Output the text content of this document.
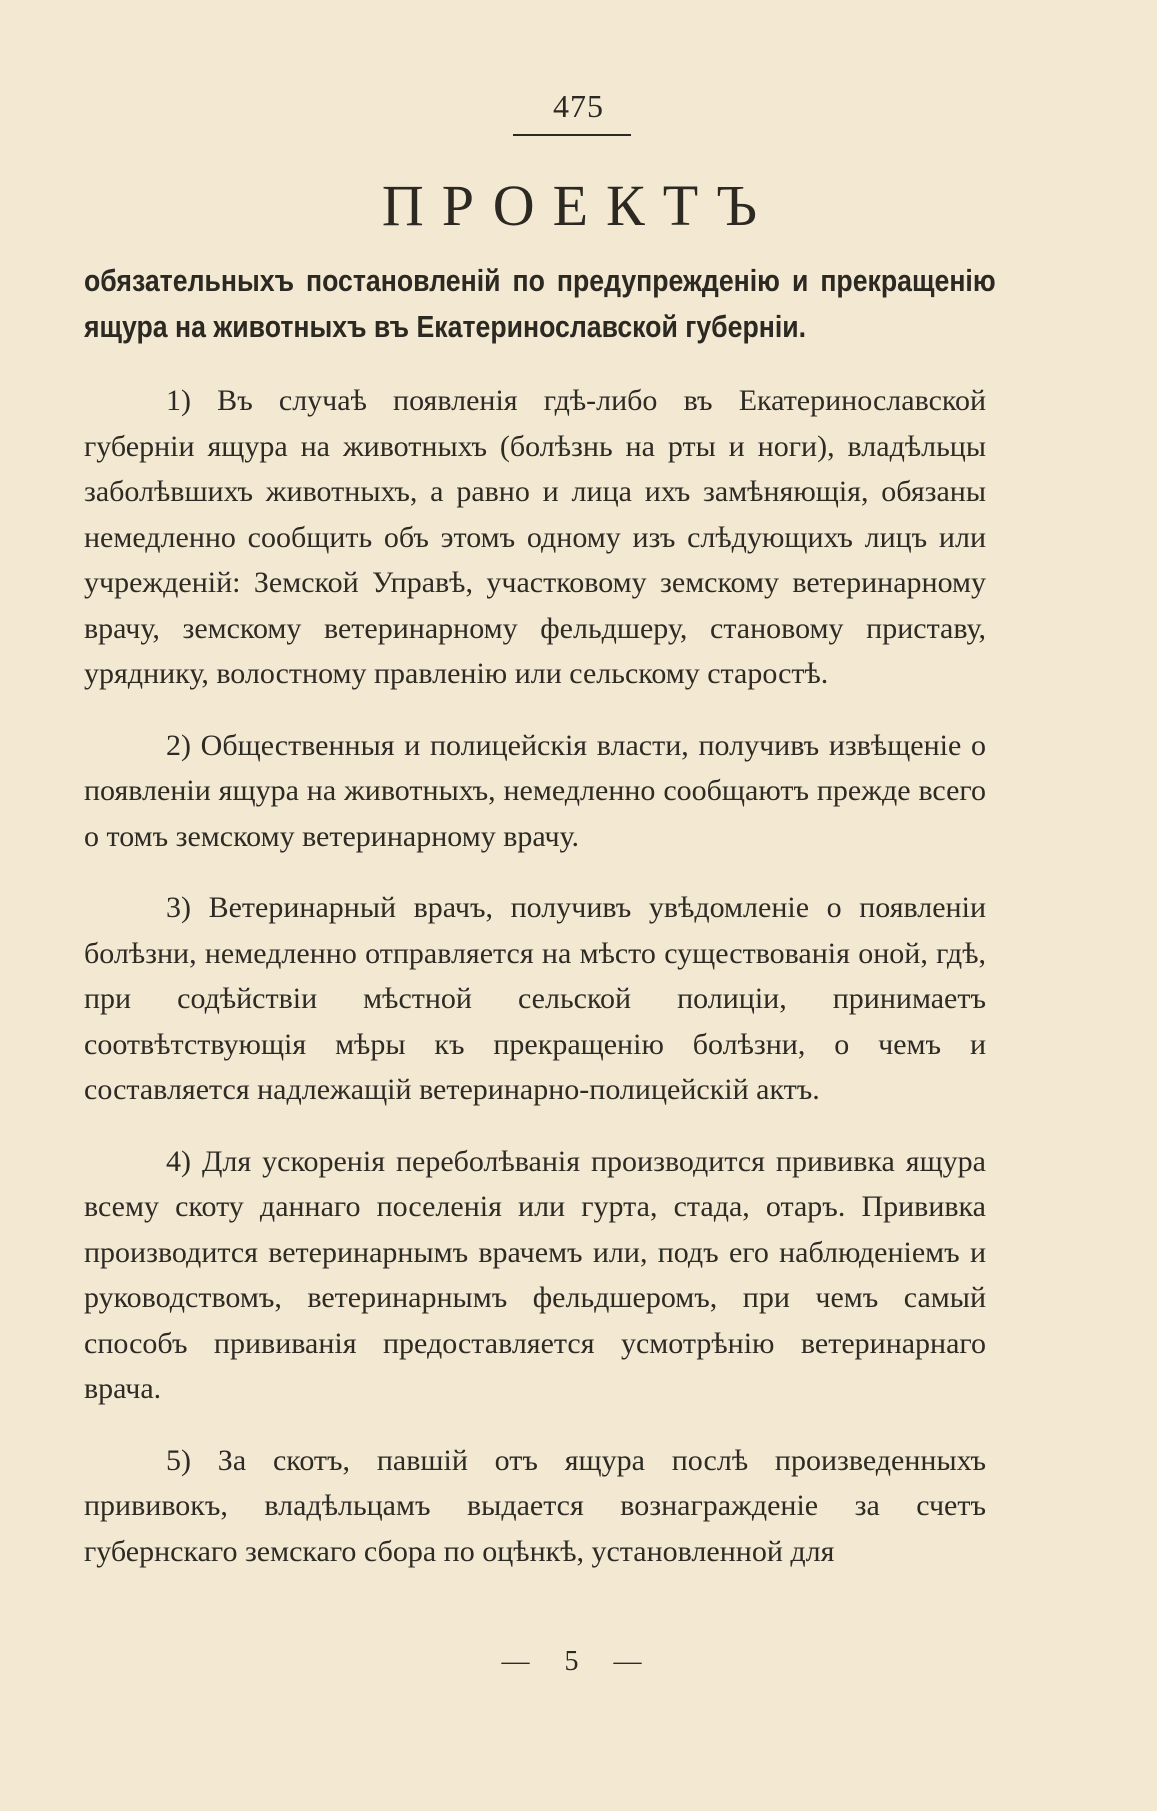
475
ПРОЕКТЪ
обязательныхъ постановленій по предупрежденію и прекращенію ящура на животныхъ въ Екатеринославской губерніи.

1) Въ случаѣ появленія гдѣ-либо въ Екатеринославской губерніи ящура на животныхъ (болѣзнь на рты и ноги), владѣльцы заболѣвшихъ животныхъ, а равно и лица ихъ замѣняющія, обязаны немедленно сообщить объ этомъ одному изъ слѣдующихъ лицъ или учрежденій: Земской Управѣ, участковому земскому ветеринарному врачу, земскому ветеринарному фельдшеру, становому приставу, уряднику, волостному правленію или сельскому старостѣ.

2) Общественныя и полицейскія власти, получивъ извѣщеніе о появленіи ящура на животныхъ, немедленно сообщаютъ прежде всего о томъ земскому ветеринарному врачу.

3) Ветеринарный врачъ, получивъ увѣдомленіе о появленіи болѣзни, немедленно отправляется на мѣсто существованія оной, гдѣ, при содѣйствіи мѣстной сельской полиціи, принимаетъ соотвѣтствующія мѣры къ прекращенію болѣзни, о чемъ и составляется надлежащій ветеринарно-полицейскій актъ.

4) Для ускоренія переболѣванія производится прививка ящура всему скоту даннаго поселенія или гурта, стада, отаръ. Прививка производится ветеринарнымъ врачемъ или, подъ его наблюденіемъ и руководствомъ, ветеринарнымъ фельдшеромъ, при чемъ самый способъ прививанія предоставляется усмотрѣнію ветеринарнаго врача.

5) За скотъ, павшій отъ ящура послѣ произведенныхъ прививокъ, владѣльцамъ выдается вознагражденіе за счетъ губернскаго земскаго сбора по оцѣнкѣ, установленной для

— 5 —
